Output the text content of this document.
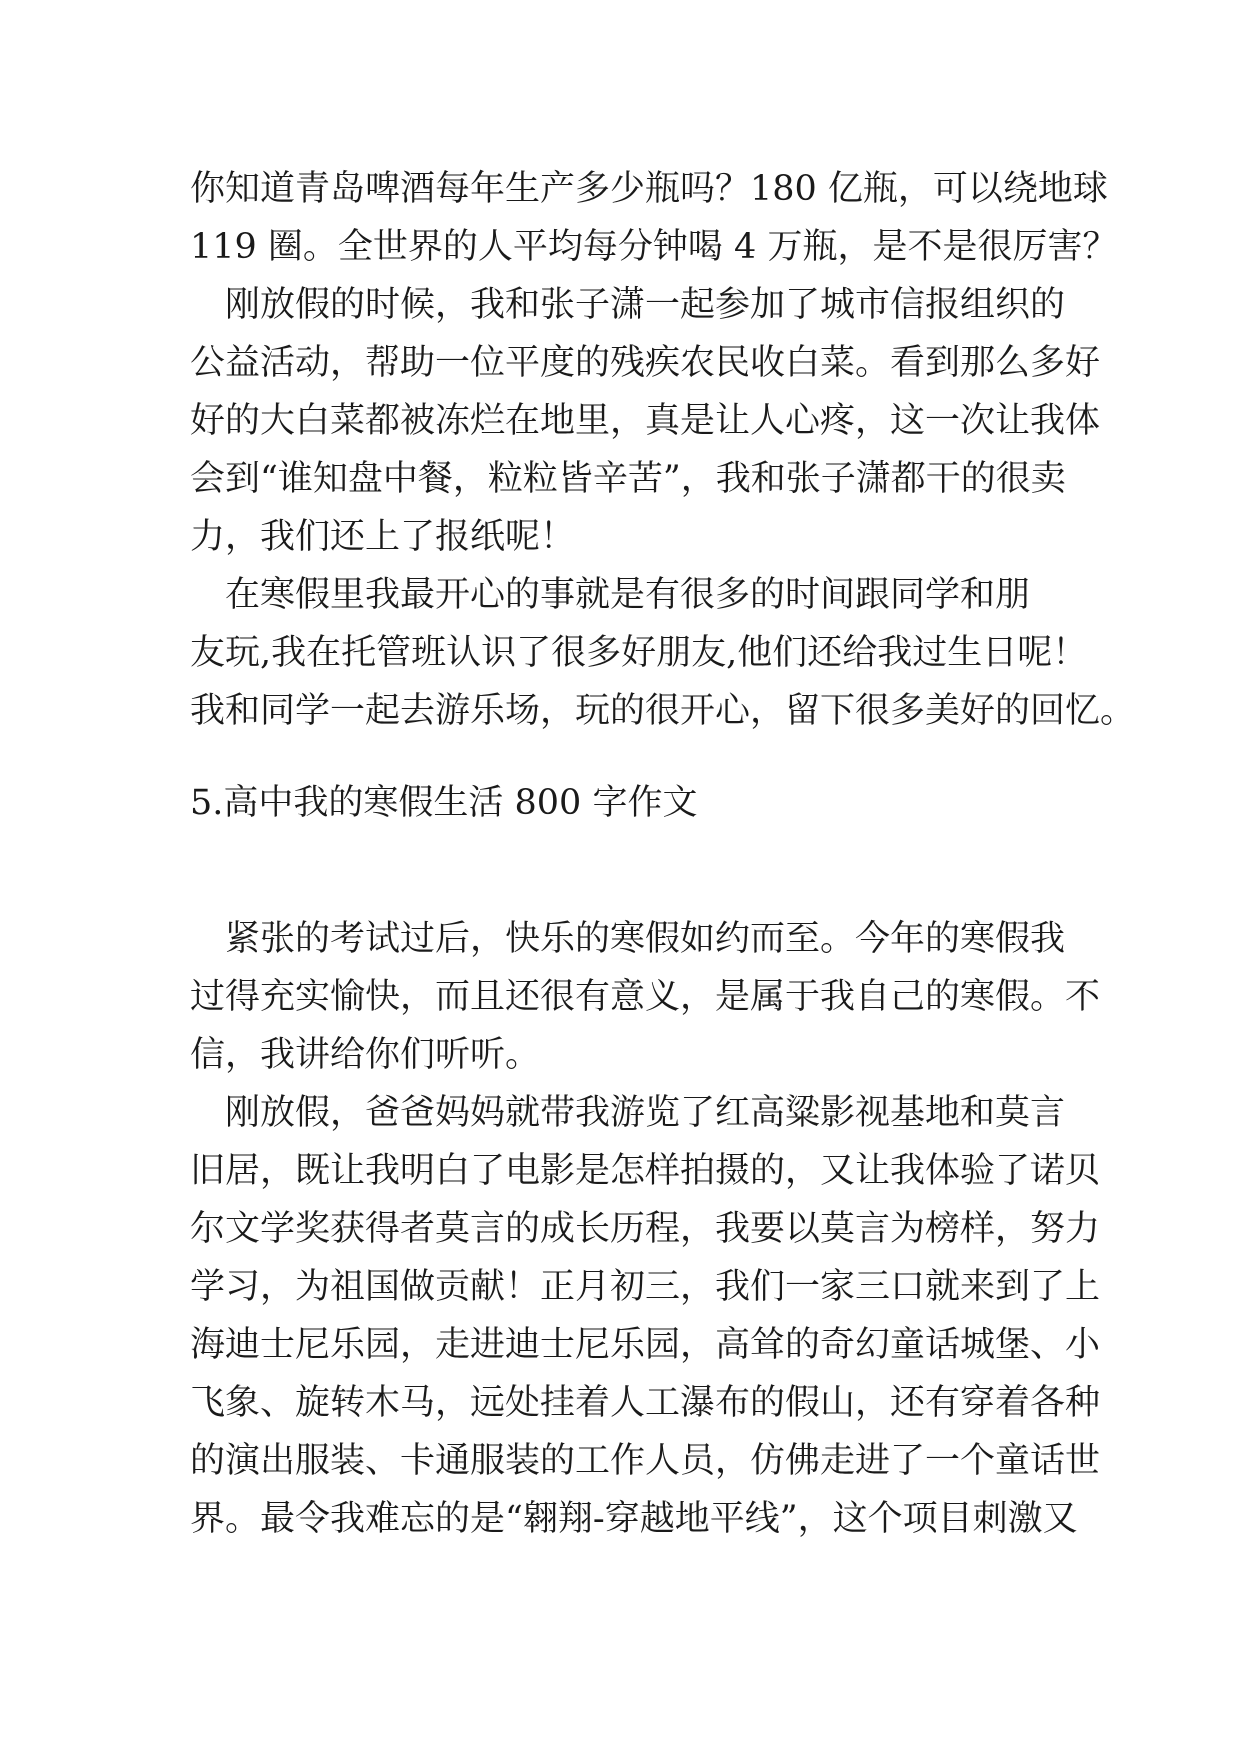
你知道青岛啤酒每年生产多少瓶吗？180 亿瓶，可以绕地球
119 圈。全世界的人平均每分钟喝 4 万瓶，是不是很厉害？
　刚放假的时候，我和张子潇一起参加了城市信报组织的
公益活动，帮助一位平度的残疾农民收白菜。看到那么多好
好的大白菜都被冻烂在地里，真是让人心疼，这一次让我体
会到“谁知盘中餐，粒粒皆辛苦”，我和张子潇都干的很卖
力，我们还上了报纸呢！
　在寒假里我最开心的事就是有很多的时间跟同学和朋
友玩,我在托管班认识了很多好朋友,他们还给我过生日呢！
我和同学一起去游乐场，玩的很开心，留下很多美好的回忆。
5.高中我的寒假生活 800 字作文
　紧张的考试过后，快乐的寒假如约而至。今年的寒假我
过得充实愉快，而且还很有意义，是属于我自己的寒假。不
信，我讲给你们听听。
　刚放假，爸爸妈妈就带我游览了红高粱影视基地和莫言
旧居，既让我明白了电影是怎样拍摄的，又让我体验了诺贝
尔文学奖获得者莫言的成长历程，我要以莫言为榜样，努力
学习，为祖国做贡献！正月初三，我们一家三口就来到了上
海迪士尼乐园，走进迪士尼乐园，高耸的奇幻童话城堡、小
飞象、旋转木马，远处挂着人工瀑布的假山，还有穿着各种
的演出服装、卡通服装的工作人员，仿佛走进了一个童话世
界。最令我难忘的是“翱翔-穿越地平线”，这个项目刺激又
